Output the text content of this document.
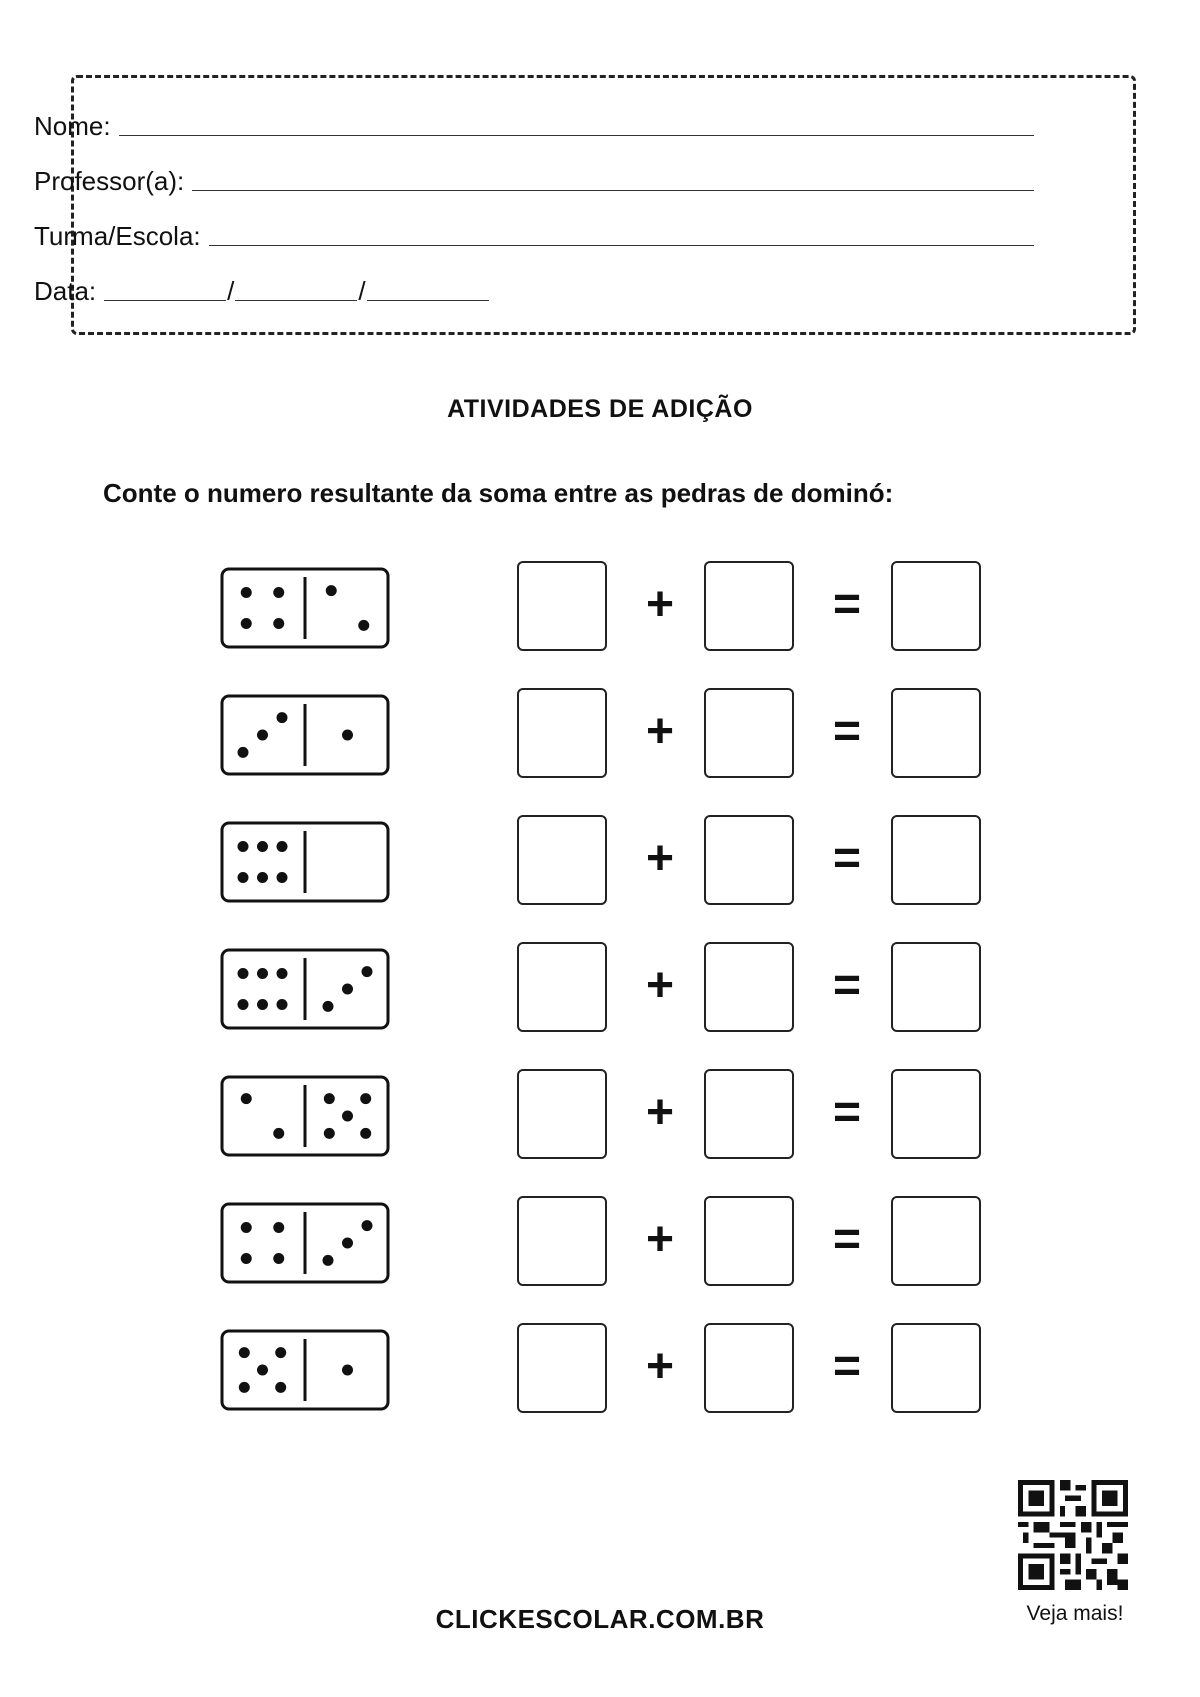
Nome:
Professor(a):
Turma/Escola:
Data:	/	/
ATIVIDADES DE ADIÇÃO
Conte o numero resultante da soma entre as pedras de dominó:
+	=
+	=
+	=
+	=
+	=
+	=
+	=
Veja mais!
CLICKESCOLAR.COM.BR
